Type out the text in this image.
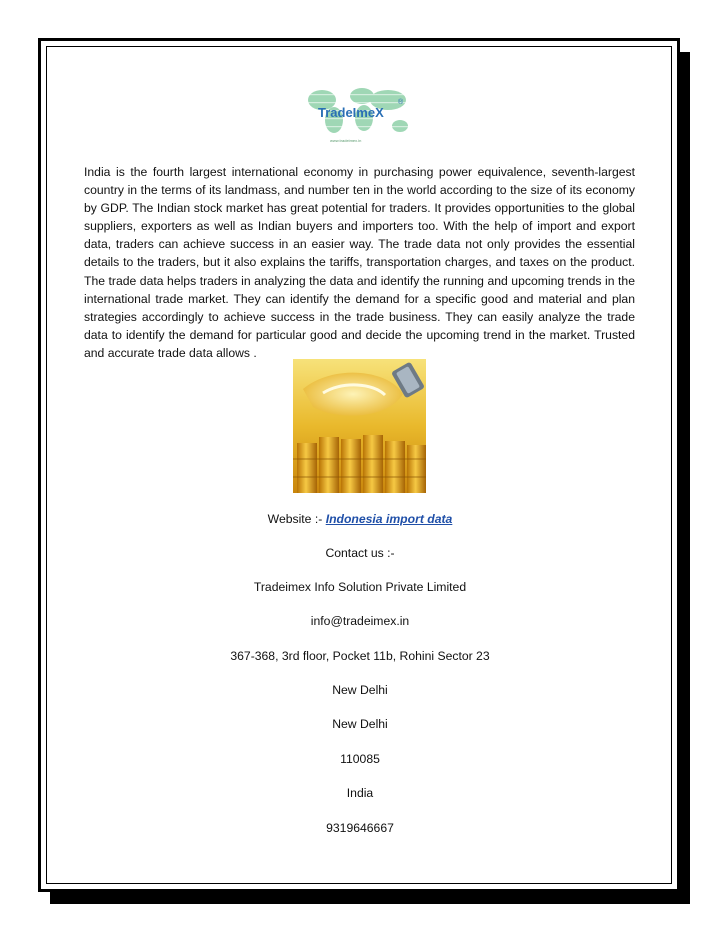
TradeImeX
®
www.tradeimex.in
India is the fourth largest international economy in purchasing power equivalence, seventh-largest country in the terms of its landmass, and number ten in the world according to the size of its economy by GDP. The Indian stock market has great potential for traders. It provides opportunities to the global suppliers, exporters as well as Indian buyers and importers too. With the help of import and export data, traders can achieve success in an easier way. The trade data not only provides the essential details to the traders, but it also explains the tariffs, transportation charges, and taxes on the product. The trade data helps traders in analyzing the data and identify the running and upcoming trends in the international trade market. They can identify the demand for a specific good and material and plan strategies accordingly to achieve success in the trade business. They can easily analyze the trade data to identify the demand for particular good and decide the upcoming trend in the market. Trusted and accurate trade data allows .
Website :- Indonesia import data
Contact us :-
Tradeimex Info Solution Private Limited
info@tradeimex.in
367-368, 3rd floor, Pocket 11b, Rohini Sector 23
New Delhi
New Delhi
110085
India
9319646667
